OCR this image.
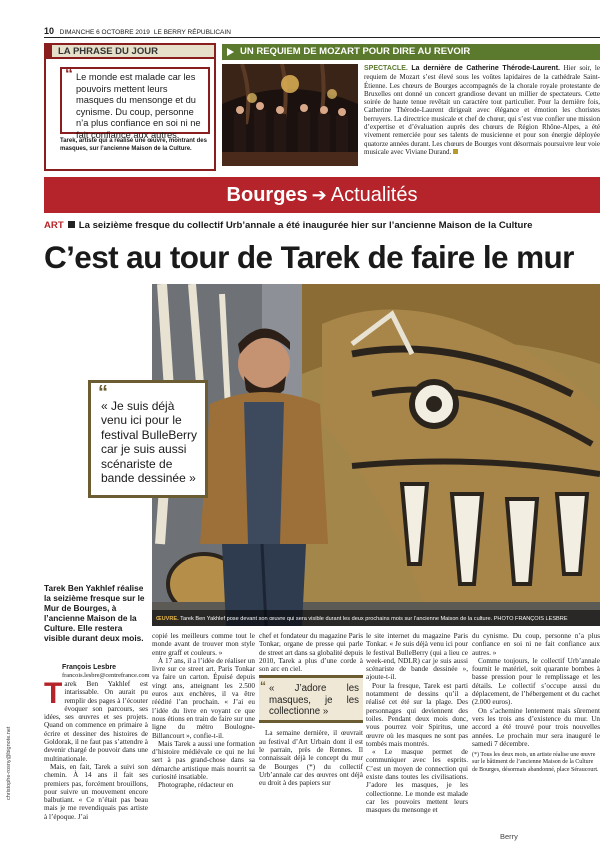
10 DIMANCHE 6 OCTOBRE 2019 LE BERRY RÉPUBLICAIN
LA PHRASE DU JOUR
“ Le monde est malade car les pouvoirs mettent leurs masques du mensonge et du cynisme. Du coup, personne n’a plus confiance en soi ni ne fait confiance aux autres.
Tarek, artiste qui a réalisé une œuvre, montrant des masques, sur l’ancienne Maison de la Culture.
UN REQUIEM DE MOZART POUR DIRE AU REVOIR
SPECTACLE. La dernière de Catherine Thérode-Laurent. Hier soir, le requiem de Mozart s’est élevé sous les voûtes lapidaires de la cathédrale Saint-Étienne. Les chœurs de Bourges accompagnés de la chorale royale protestante de Bruxelles ont donné un concert grandiose devant un millier de spectateurs. Cette soirée de haute tenue revêtait un caractère tout particulier. Pour la dernière fois, Catherine Thérode-Laurent dirigeait avec élégance et émotion les choristes berruyers. La directrice musicale et chef de chœur, qui s’est vue confier une mission d’expertise et d’évaluation auprès des chœurs de Région Rhône-Alpes, a été vivement remerciée pour ses talents de musicienne et pour son énergie déployée quatorze années durant. Les chœurs de Bourges vont désormais poursuivre leur voie musicale avec Viviane Durand.
Bourges ➔ Actualités
ART La seizième fresque du collectif Urb’annale a été inaugurée hier sur l’ancienne Maison de la Culture
C’est au tour de Tarek de faire le mur
ŒUVRE. Tarek Ben Yakhlef pose devant son œuvre qui sera visible durant les deux prochains mois sur l’ancienne Maison de la culture. PHOTO FRANÇOIS LESBRE
“
« Je suis déjà venu ici pour le festival BulleBerry car je suis aussi scénariste de bande dessinée »
Tarek Ben Yakhlef réalise la seizième fresque sur le Mur de Bourges, à l’ancienne Maison de la Culture. Elle restera visible durant deux mois.
François Lesbre
francois.lesbre@centrefrance.com

Tarek Ben Yakhlef est intarissable. On aurait pu remplir des pages à l’écouter évoquer son parcours, ses idées, ses œuvres et ses projets. Quand on commence en primaire à écrire et dessiner des histoires de Goldorak, il ne faut pas s’attendre à devenir chargé de pouvoir dans une multinationale.

Mais, en fait, Tarek a suivi son chemin. À 14 ans il fait ses premiers pas, forcément brouillons, pour suivre un mouvement encore balbutiant. « Ce n’était pas beau mais je me revendiquais pas artiste à l’époque. J’ai

copié les meilleurs comme tout le monde avant de trouver mon style entre graff et couleurs. »

À 17 ans, il a l’idée de réaliser un livre sur ce street art. Paris Tonkar va faire un carton. Épuisé depuis vingt ans, atteignant les 2.500 euros aux enchères, il va être réédité l’an prochain. « J’ai eu l’idée du livre en voyant ce que nous étions en train de faire sur une ligne du métro Boulogne-Billancourt », confie-t-il.

Mais Tarek a aussi une formation d’histoire médiévale ce qui ne lui sert à pas grand-chose dans sa démarche artistique mais nourrit sa curiosité insatiable.

Photographe, rédacteur en

chef et fondateur du magazine Paris Tonkar, organe de presse qui parle de street art dans sa globalité depuis 2010, Tarek a plus d’une corde à son arc en ciel.

“ « J’adore les masques, je les collectionne »

La semaine dernière, il œuvrait au festival d’Art Urbain dont il est le parrain, près de Rennes. Il connaissait déjà le concept du mur de Bourges (*) du collectif Urb’annale car des œuvres ont déjà eu droit à des papiers sur

le site internet du magazine Paris Tonkar. « Je suis déjà venu ici pour le festival BulleBerry (qui a lieu ce week-end, NDLR) car je suis aussi scénariste de bande dessinée », ajoute-t-il.

Pour la fresque, Tarek est parti notamment de dessins qu’il a réalisé cet été sur la plage. Des personnages qui deviennent des toiles. Pendant deux mois donc, vous pourrez voir Spiritus, une œuvre où les masques ne sont pas tombés mais montrés.

« Le masque permet de communiquer avec les esprits. C’est un moyen de connection qui existe dans toutes les civilisations. J’adore les masques, je les collectionne. Le monde est malade car les pouvoirs mettent leurs masques du mensonge et

du cynisme. Du coup, personne n’a plus confiance en soi ni ne fait confiance aux autres. »

Comme toujours, le collectif Urb’annale fournit le matériel, soit quarante bombes à basse pression pour le remplissage et les détails. Le collectif s’occupe aussi du déplacement, de l’hébergement et du cachet (2.000 euros).

On s’acheminе lentement mais sûrement vers les trois ans d’existence du mur. Un accord a été trouvé pour trois nouvelles années. Le prochain mur sera inauguré le samedi 7 décembre.

(*) Tous les deux mois, un artiste réalise une œuvre sur le bâtiment de l’ancienne Maison de la Culture de Bourges, désormais abandonné, place Séraucourt.
christophe-rosny@bignote.net
Berry
